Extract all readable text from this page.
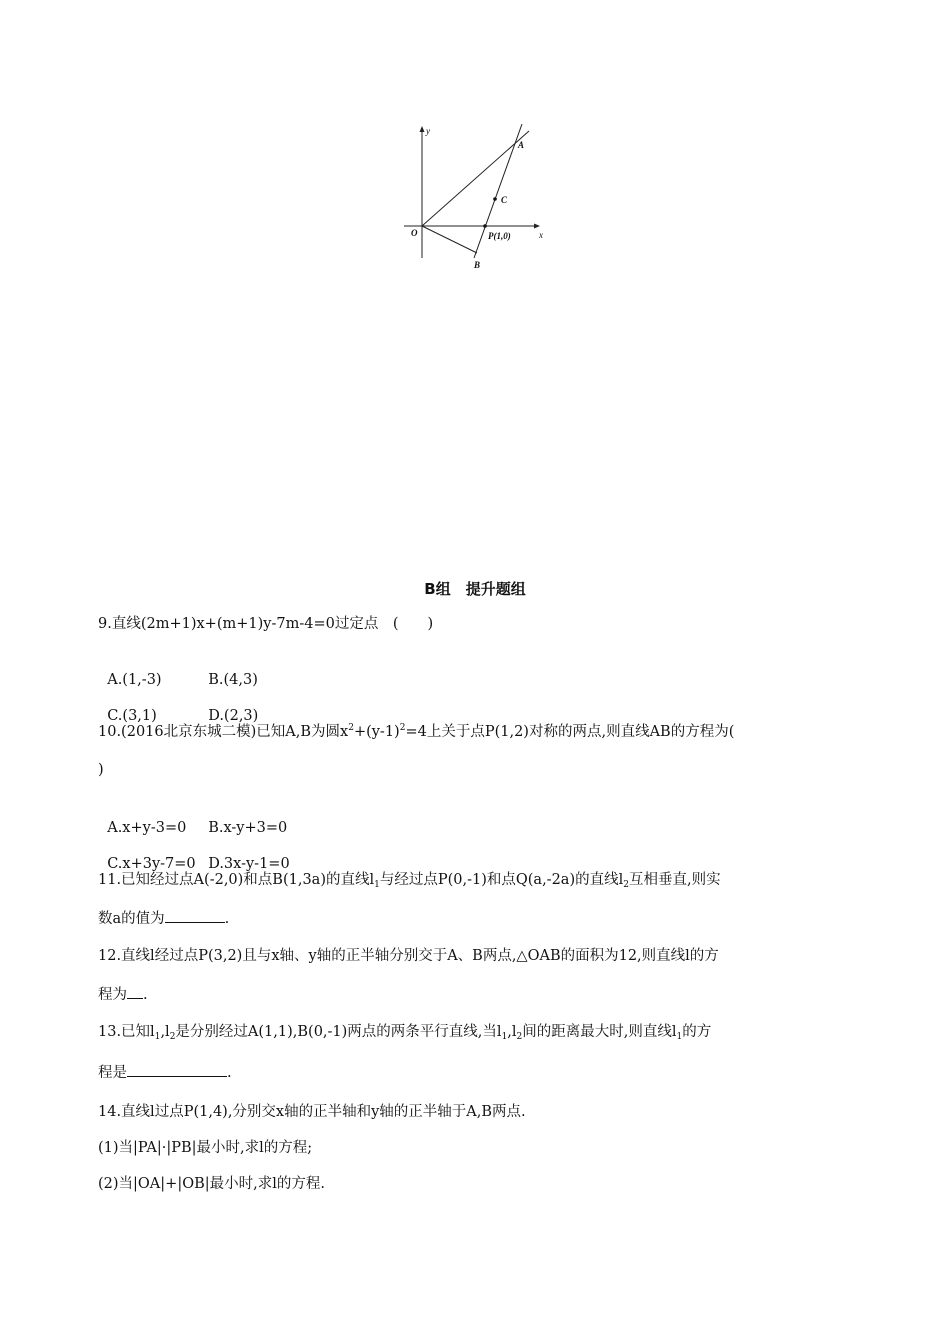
y
x
O
A
C
P(1,0)
B
B组　提升题组
9.直线(2m+1)x+(m+1)y-7m-4=0过定点　(　　)

A.(1,-3)	B.(4,3)

C.(3,1)	D.(2,3)

10.(2016北京东城二模)已知A,B为圆$x^2+(y-1)^2=4$上关于点P(1,2)对称的两点,则直线AB的方程为(
)

A.x+y-3=0 B.x-y+3=0

C.x+3y-7=0 D.3x-y-1=0

11.已知经过点A(-2,0)和点B(1,3a)的直线$l_1$与经过点P(0,-1)和点Q(a,-2a)的直线$l_2$互相垂直,则实
数a的值为	.
12.直线l经过点P(3,2)且与x轴、y轴的正半轴分别交于A、B两点,△OAB的面积为12,则直线l的方
程为 .
13.已知$l_1,l_2$是分别经过A(1,1),B(0,-1)两点的两条平行直线,当$l_1,l_2$间的距离最大时,则直线$l_1$的方
程是	.
14.直线l过点P(1,4),分别交x轴的正半轴和y轴的正半轴于A,B两点.
(1)当|PA|·|PB|最小时,求l的方程;
(2)当|OA|+|OB|最小时,求l的方程.
